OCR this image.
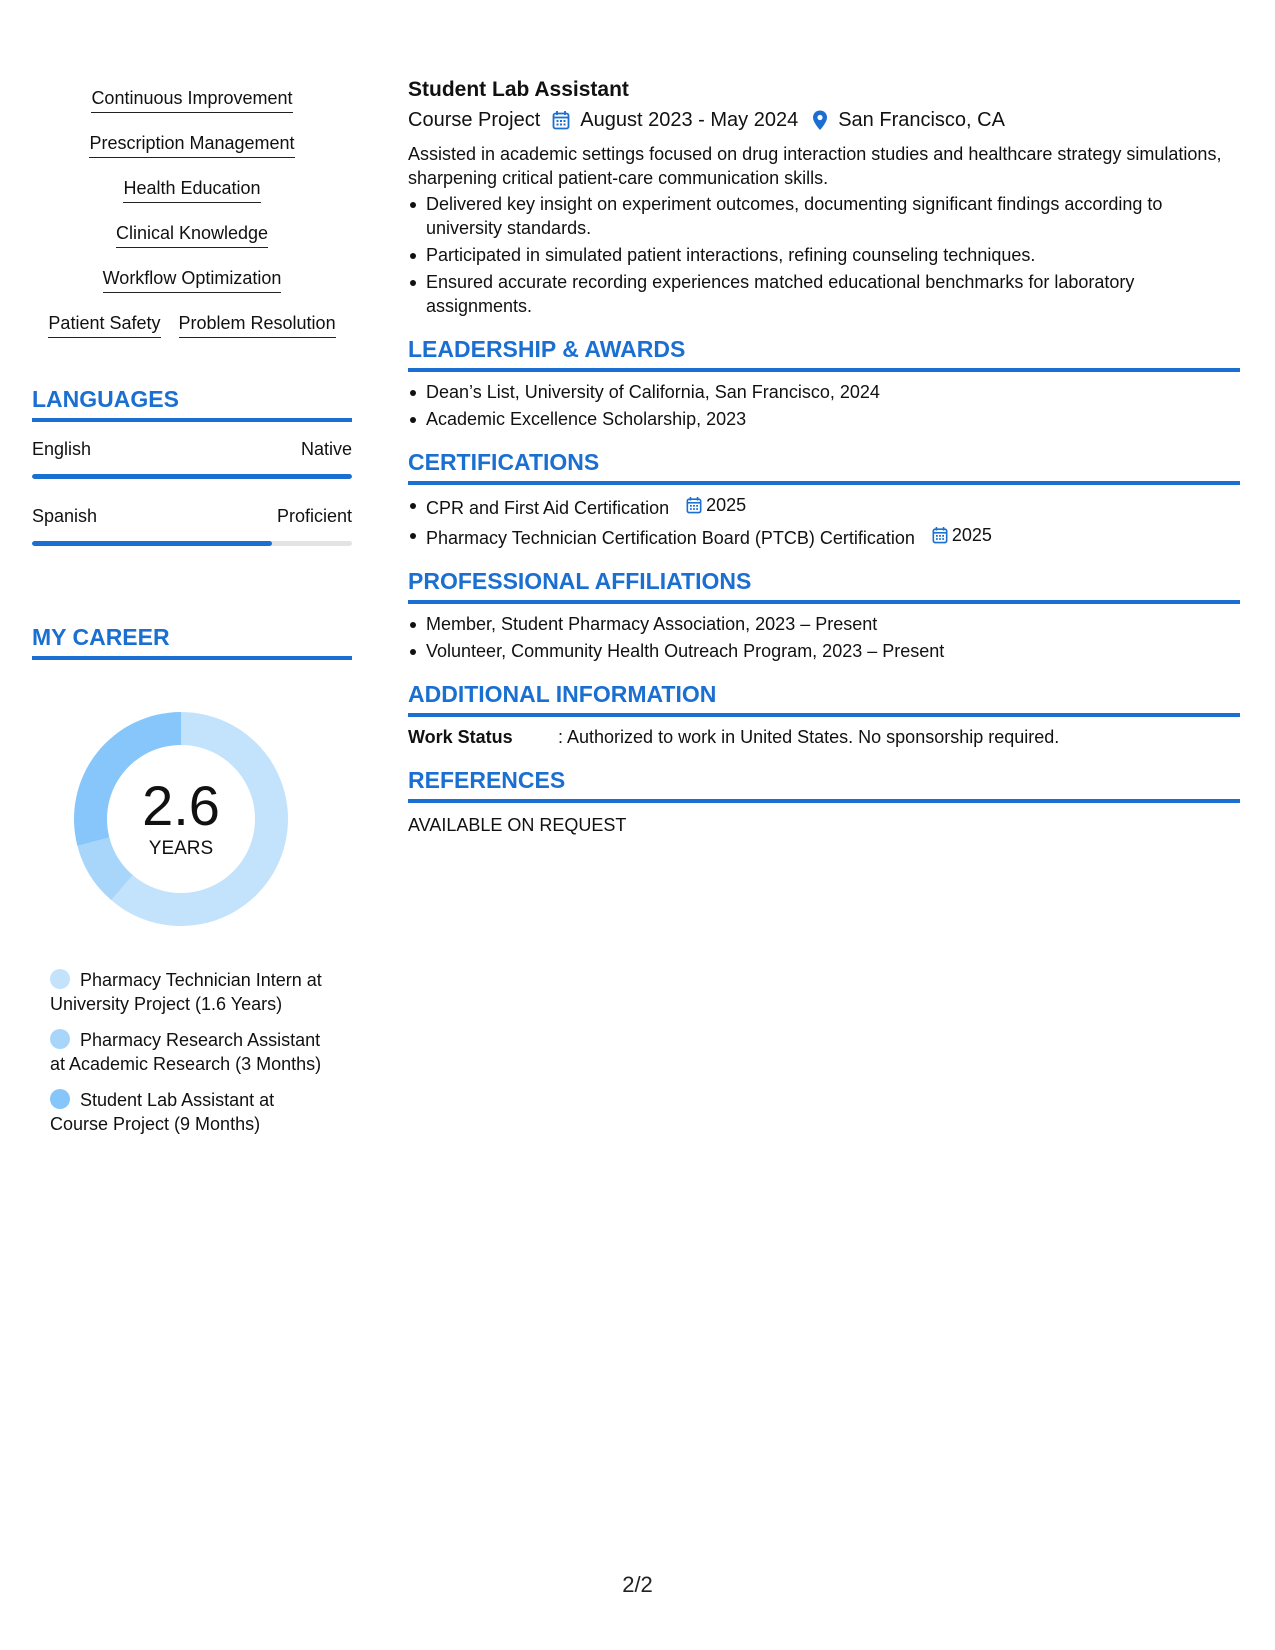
Continuous Improvement
Prescription Management
Health Education
Clinical Knowledge
Workflow Optimization
Patient Safety Problem Resolution
LANGUAGES
English	Native
Spanish	Proficient
MY CAREER
2.6
YEARS
Pharmacy Technician Intern at University Project (1.6 Years)
Pharmacy Research Assistant at Academic Research (3 Months)
Student Lab Assistant at Course Project (9 Months)
Student Lab Assistant
Course Project August 2023 - May 2024 San Francisco, CA
Assisted in academic settings focused on drug interaction studies and healthcare strategy simulations, sharpening critical patient-care communication skills.
Delivered key insight on experiment outcomes, documenting significant findings according to university standards.
Participated in simulated patient interactions, refining counseling techniques.
Ensured accurate recording experiences matched educational benchmarks for laboratory assignments.
LEADERSHIP & AWARDS
Dean’s List, University of California, San Francisco, 2024
Academic Excellence Scholarship, 2023
CERTIFICATIONS
CPR and First Aid Certification 2025
Pharmacy Technician Certification Board (PTCB) Certification 2025
PROFESSIONAL AFFILIATIONS
Member, Student Pharmacy Association, 2023 – Present
Volunteer, Community Health Outreach Program, 2023 – Present
ADDITIONAL INFORMATION
Work Status	: Authorized to work in United States. No sponsorship required.
REFERENCES
AVAILABLE ON REQUEST
2/2
